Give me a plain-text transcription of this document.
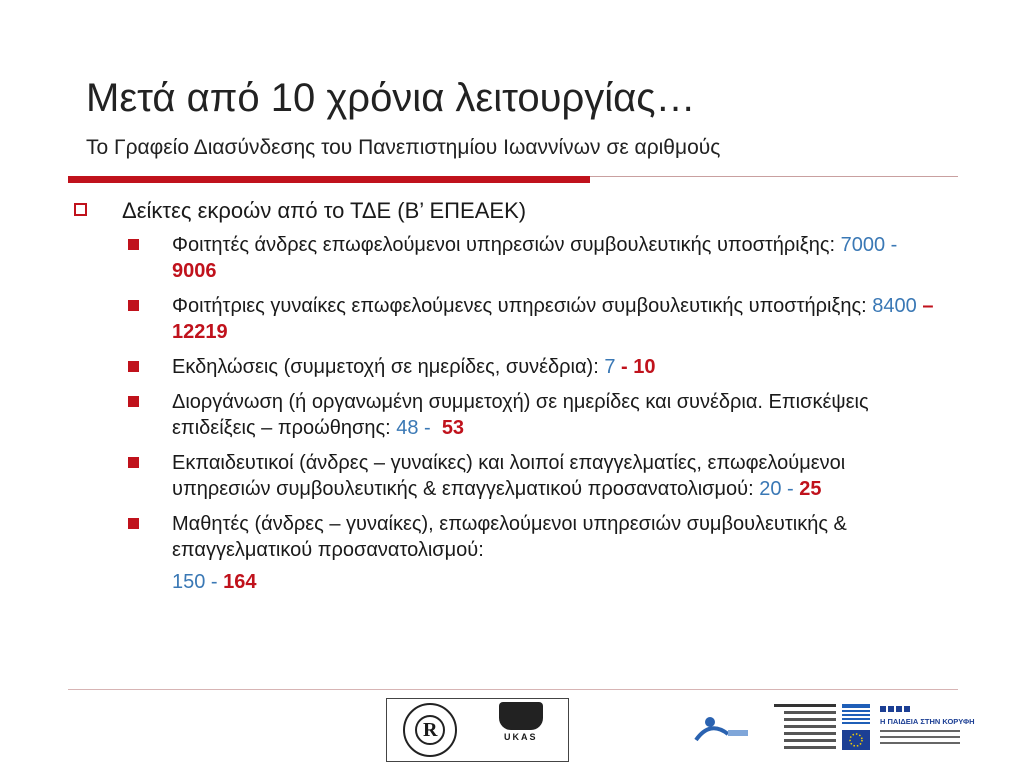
Μετά από 10 χρόνια λειτουργίας…
Το Γραφείο Διασύνδεσης του Πανεπιστημίου Ιωαννίνων σε αριθμούς
Δείκτες εκροών από το ΤΔΕ (Β’ ΕΠΕΑΕΚ)
Φοιτητές άνδρες επωφελούμενοι υπηρεσιών συμβουλευτικής υποστήριξης: 7000 - 9006
Φοιτήτριες γυναίκες επωφελούμενες υπηρεσιών συμβουλευτικής υποστήριξης: 8400 – 12219
Εκδηλώσεις (συμμετοχή σε ημερίδες, συνέδρια): 7 - 10
Διοργάνωση (ή οργανωμένη συμμετοχή) σε ημερίδες και συνέδρια. Επισκέψεις επιδείξεις – προώθησης: 48 -  53
Εκπαιδευτικοί (άνδρες – γυναίκες) και λοιποί επαγγελματίες, επωφελούμενοι υπηρεσιών συμβουλευτικής & επαγγελματικού προσανατολισμού: 20 - 25
Μαθητές (άνδρες – γυναίκες), επωφελούμενοι υπηρεσιών συμβουλευτικής & επαγγελματικού προσανατολισμού:
150 - 164
R	UKAS
Η ΠΑΙΔΕΙΑ ΣΤΗΝ ΚΟΡΥΦΗ
